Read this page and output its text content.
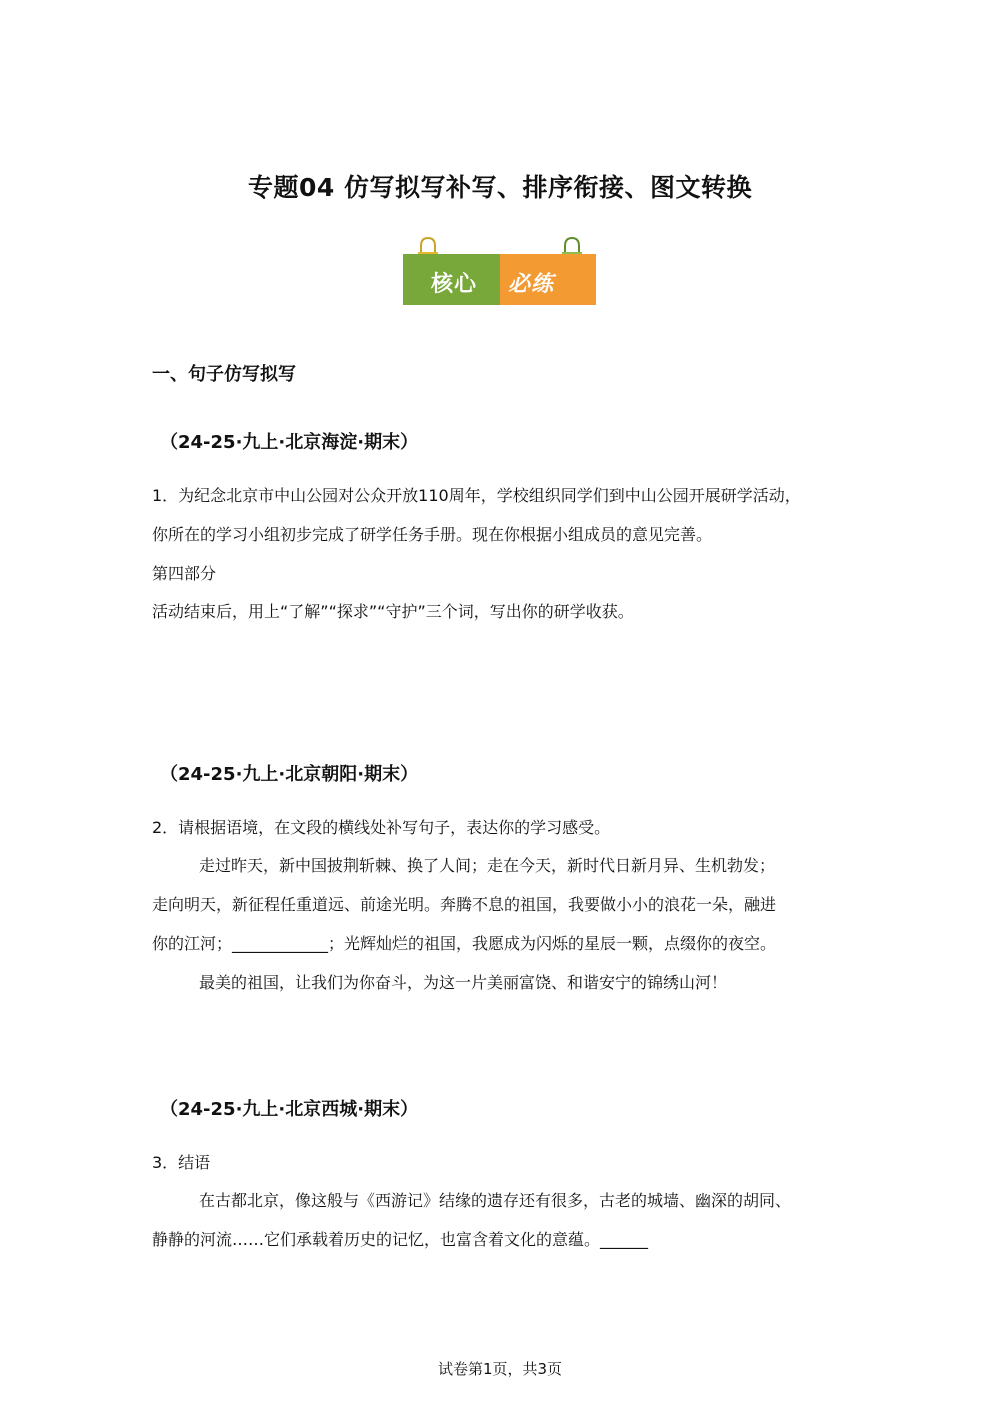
专题04 仿写拟写补写、排序衔接、图文转换
核心 必练
一、句子仿写拟写
（24-25·九上·北京海淀·期末）
1．为纪念北京市中山公园对公众开放110周年，学校组织同学们到中山公园开展研学活动，
你所在的学习小组初步完成了研学任务手册。现在你根据小组成员的意见完善。
第四部分
活动结束后，用上“了解”“探求”“守护”三个词，写出你的研学收获。
（24-25·九上·北京朝阳·期末）
2．请根据语境，在文段的横线处补写句子，表达你的学习感受。
走过昨天，新中国披荆斩棘、换了人间；走在今天，新时代日新月异、生机勃发；
走向明天，新征程任重道远、前途光明。奔腾不息的祖国，我要做小小的浪花一朵，融进
你的江河；____________；光辉灿烂的祖国，我愿成为闪烁的星辰一颗，点缀你的夜空。
最美的祖国，让我们为你奋斗，为这一片美丽富饶、和谐安宁的锦绣山河！
（24-25·九上·北京西城·期末）
3．结语
在古都北京，像这般与《西游记》结缘的遗存还有很多，古老的城墙、幽深的胡同、
静静的河流……它们承载着历史的记忆，也富含着文化的意蕴。______
试卷第1页，共3页
